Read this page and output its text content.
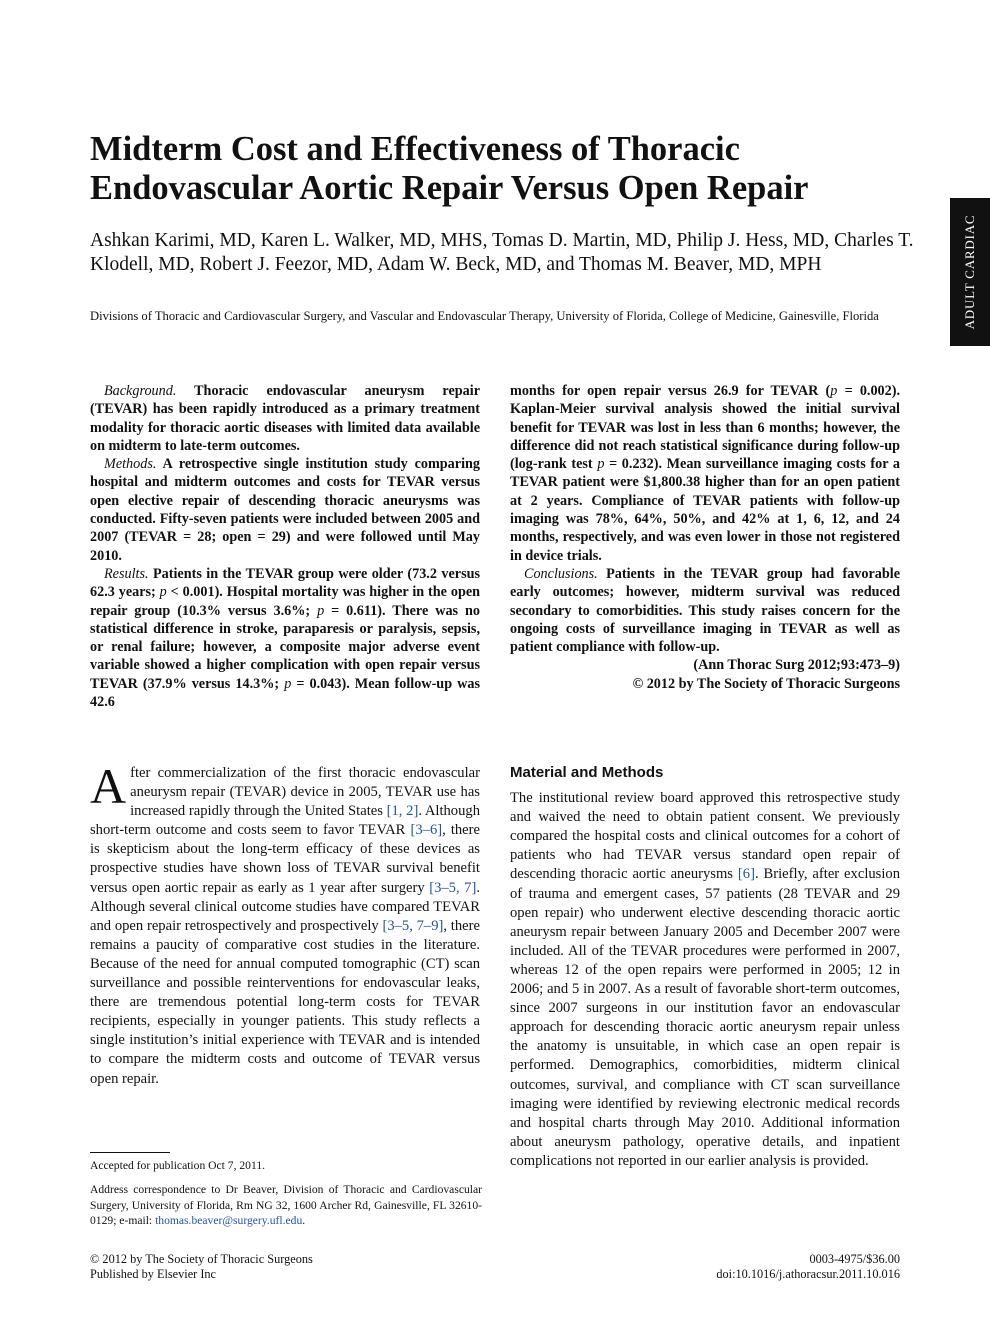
Midterm Cost and Effectiveness of Thoracic Endovascular Aortic Repair Versus Open Repair

Ashkan Karimi, MD, Karen L. Walker, MD, MHS, Tomas D. Martin, MD, Philip J. Hess, MD, Charles T. Klodell, MD, Robert J. Feezor, MD, Adam W. Beck, MD, and Thomas M. Beaver, MD, MPH

Divisions of Thoracic and Cardiovascular Surgery, and Vascular and Endovascular Therapy, University of Florida, College of Medicine, Gainesville, Florida	ADULT CARDIAC

Background. Thoracic endovascular aneurysm repair (TEVAR) has been rapidly introduced as a primary treatment modality for thoracic aortic diseases with limited data available on midterm to late-term outcomes.

Methods. A retrospective single institution study comparing hospital and midterm outcomes and costs for TEVAR versus open elective repair of descending thoracic aneurysms was conducted. Fifty-seven patients were included between 2005 and 2007 (TEVAR = 28; open = 29) and were followed until May 2010.

Results. Patients in the TEVAR group were older (73.2 versus 62.3 years; p < 0.001). Hospital mortality was higher in the open repair group (10.3% versus 3.6%; p = 0.611). There was no statistical difference in stroke, paraparesis or paralysis, sepsis, or renal failure; however, a composite major adverse event variable showed a higher complication with open repair versus TEVAR (37.9% versus 14.3%; p = 0.043). Mean follow-up was 42.6

months for open repair versus 26.9 for TEVAR (p = 0.002). Kaplan-Meier survival analysis showed the initial survival benefit for TEVAR was lost in less than 6 months; however, the difference did not reach statistical significance during follow-up (log-rank test p = 0.232). Mean surveillance imaging costs for a TEVAR patient were $1,800.38 higher than for an open patient at 2 years. Compliance of TEVAR patients with follow-up imaging was 78%, 64%, 50%, and 42% at 1, 6, 12, and 24 months, respectively, and was even lower in those not registered in device trials.

Conclusions. Patients in the TEVAR group had favorable early outcomes; however, midterm survival was reduced secondary to comorbidities. This study raises concern for the ongoing costs of surveillance imaging in TEVAR as well as patient compliance with follow-up.

(Ann Thorac Surg 2012;93:473–9)

© 2012 by The Society of Thoracic Surgeons

After commercialization of the first thoracic endovascular aneurysm repair (TEVAR) device in 2005, TEVAR use has increased rapidly through the United States [1, 2]. Although short-term outcome and costs seem to favor TEVAR [3–6], there is skepticism about the long-term efficacy of these devices as prospective studies have shown loss of TEVAR survival benefit versus open aortic repair as early as 1 year after surgery [3–5, 7]. Although several clinical outcome studies have compared TEVAR and open repair retrospectively and prospectively [3–5, 7–9], there remains a paucity of comparative cost studies in the literature. Because of the need for annual computed tomographic (CT) scan surveillance and possible reinterventions for endovascular leaks, there are tremendous potential long-term costs for TEVAR recipients, especially in younger patients. This study reflects a single institution’s initial experience with TEVAR and is intended to compare the midterm costs and outcome of TEVAR versus open repair.

Material and Methods

The institutional review board approved this retrospective study and waived the need to obtain patient consent. We previously compared the hospital costs and clinical outcomes for a cohort of patients who had TEVAR versus standard open repair of descending thoracic aortic aneurysms [6]. Briefly, after exclusion of trauma and emergent cases, 57 patients (28 TEVAR and 29 open repair) who underwent elective descending thoracic aortic aneurysm repair between January 2005 and December 2007 were included. All of the TEVAR procedures were performed in 2007, whereas 12 of the open repairs were performed in 2005; 12 in 2006; and 5 in 2007. As a result of favorable short-term outcomes, since 2007 surgeons in our institution favor an endovascular approach for descending thoracic aortic aneurysm repair unless the anatomy is unsuitable, in which case an open repair is performed. Demographics, comorbidities, midterm clinical outcomes, survival, and compliance with CT scan surveillance imaging were identified by reviewing electronic medical records and hospital charts through May 2010. Additional information about aneurysm pathology, operative details, and inpatient complications not reported in our earlier analysis is provided.

Accepted for publication Oct 7, 2011.

Address correspondence to Dr Beaver, Division of Thoracic and Cardiovascular Surgery, University of Florida, Rm NG 32, 1600 Archer Rd, Gainesville, FL 32610-0129; e-mail: thomas.beaver@surgery.ufl.edu.

© 2012 by The Society of Thoracic Surgeons
Published by Elsevier Inc
0003-4975/$36.00
doi:10.1016/j.athoracsur.2011.10.016
